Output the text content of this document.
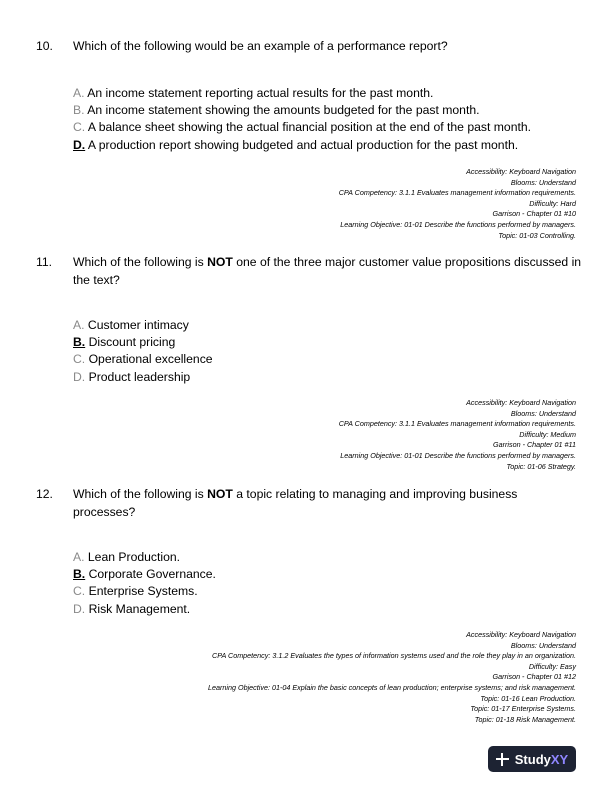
10. Which of the following would be an example of a performance report?
A. An income statement reporting actual results for the past month.
B. An income statement showing the amounts budgeted for the past month.
C. A balance sheet showing the actual financial position at the end of the past month.
D. A production report showing budgeted and actual production for the past month.
Accessibility: Keyboard Navigation
Blooms: Understand
CPA Competency: 3.1.1 Evaluates management information requirements.
Difficulty: Hard
Garrison - Chapter 01 #10
Learning Objective: 01-01 Describe the functions performed by managers.
Topic: 01-03 Controlling.
11. Which of the following is NOT one of the three major customer value propositions discussed in the text?
A. Customer intimacy
B. Discount pricing
C. Operational excellence
D. Product leadership
Accessibility: Keyboard Navigation
Blooms: Understand
CPA Competency: 3.1.1 Evaluates management information requirements.
Difficulty: Medium
Garrison - Chapter 01 #11
Learning Objective: 01-01 Describe the functions performed by managers.
Topic: 01-06 Strategy.
12. Which of the following is NOT a topic relating to managing and improving business processes?
A. Lean Production.
B. Corporate Governance.
C. Enterprise Systems.
D. Risk Management.
Accessibility: Keyboard Navigation
Blooms: Understand
CPA Competency: 3.1.2 Evaluates the types of information systems used and the role they play in an organization.
Difficulty: Easy
Garrison - Chapter 01 #12
Learning Objective: 01-04 Explain the basic concepts of lean production; enterprise systems; and risk management.
Topic: 01-16 Lean Production.
Topic: 01-17 Enterprise Systems.
Topic: 01-18 Risk Management.
StudyXY
